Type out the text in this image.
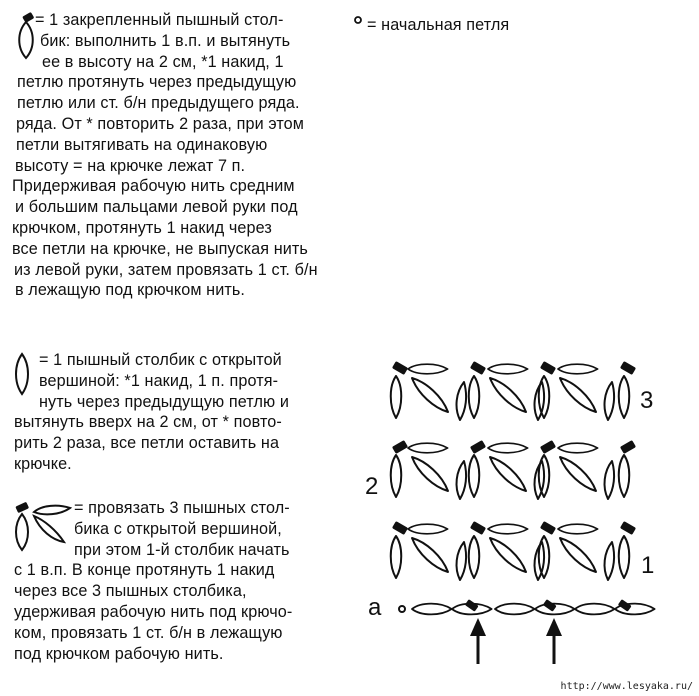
= 1 закрепленный пышный стол-
бик: выполнить 1 в.п. и вытянуть
ее в высоту на 2 см, *1 накид, 1
петлю протянуть через предыдущую
петлю или ст. б/н предыдущего ряда.
ряда. От * повторить 2 раза, при этом
петли вытягивать на одинаковую
высоту = на крючке лежат 7 п.
Придерживая рабочую нить средним
и большим пальцами левой руки под
крючком, протянуть 1 накид через
все петли на крючке, не выпуская нить
из левой руки, затем провязать 1 ст. б/н
в лежащую под крючком нить.
= начальная петля
= 1 пышный столбик с открытой
вершиной: *1 накид, 1 п. протя-
нуть через предыдущую петлю и
вытянуть вверх на 2 см, от * повто-
рить 2 раза, все петли оставить на
крючке.
= провязать 3 пышных стол-
бика с открытой вершиной,
при этом 1-й столбик начать
с 1 в.п. В конце протянуть 1 накид
через все 3 пышных столбика,
удерживая рабочую нить под крючо-
ком, провязать 1 ст. б/н в лежащую
под крючком рабочую нить.
3
2
1
a
http://www.lesyaka.ru/
